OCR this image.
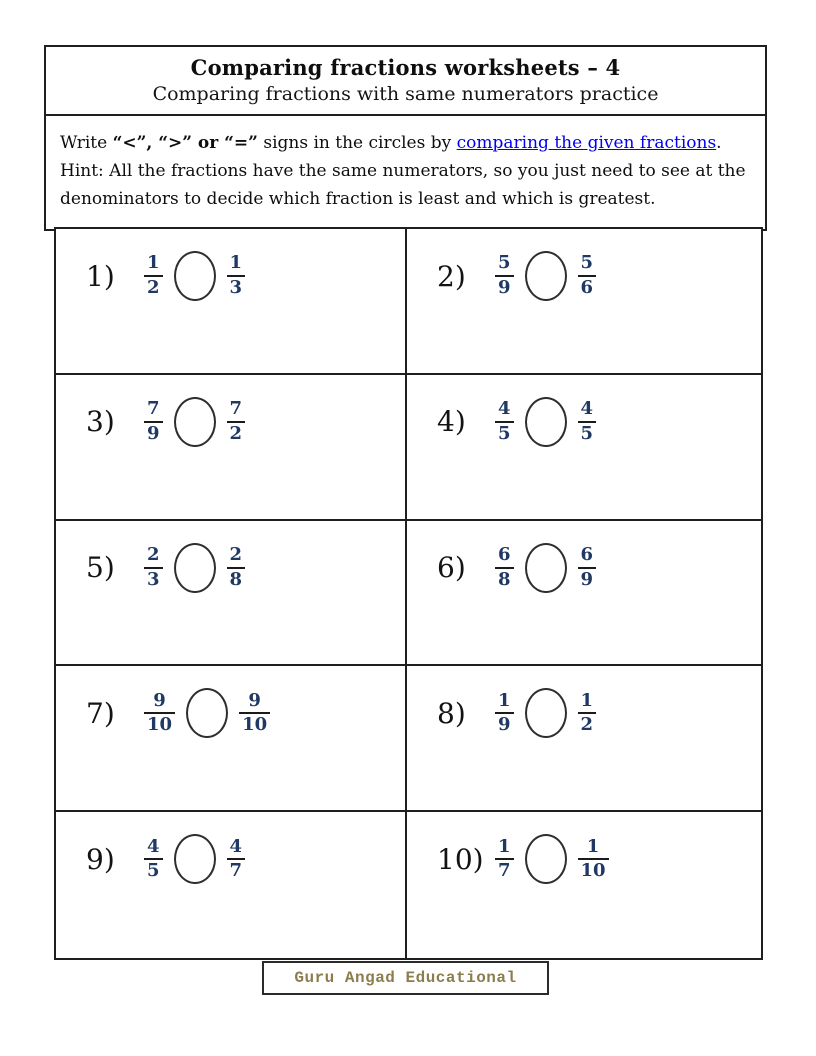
Comparing fractions worksheets – 4
Comparing fractions with same numerators practice

Write “<”, “>” or “=” signs in the circles by comparing the given fractions.

Hint: All the fractions have the same numerators, so you just need to see at the denominators to decide which fraction is least and which is greatest.

1)	$\frac{1}{2}$	$\frac{1}{3}$	2)	$\frac{5}{9}$	$\frac{5}{6}$
3)	$\frac{7}{9}$	$\frac{7}{2}$	4)	$\frac{4}{5}$	$\frac{4}{5}$
5)	$\frac{2}{3}$	$\frac{2}{8}$	6)	$\frac{6}{8}$	$\frac{6}{9}$
7)	$\frac{9}{10}$	$\frac{9}{10}$	8)	$\frac{1}{9}$	$\frac{1}{2}$
9)	$\frac{4}{5}$	$\frac{4}{7}$	$10) \frac{1}{7}$	$\frac{1}{10}$
Guru Angad Educational
